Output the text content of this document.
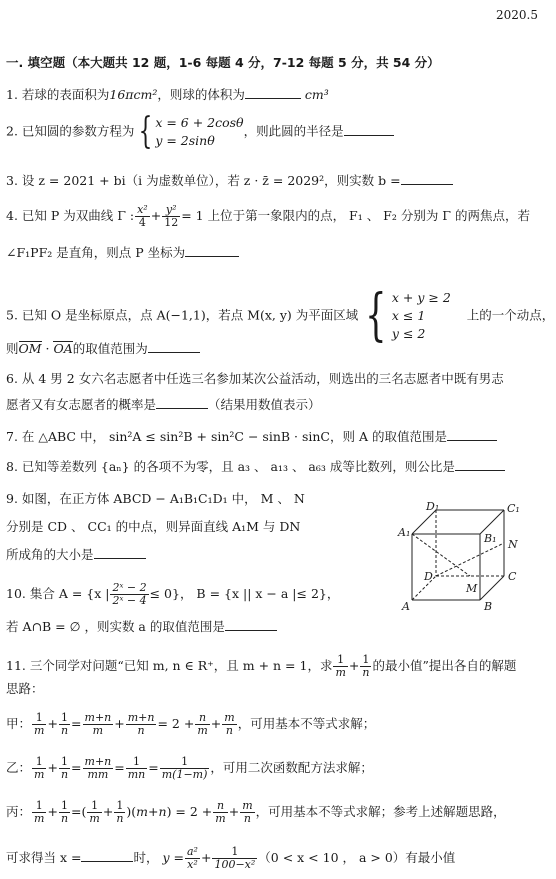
2020.5
一. 填空题（本大题共 12 题，1-6 每题 4 分，7-12 每题 5 分，共 54 分）
1. 若球的表面积为16πcm²，则球的体积为	cm³
2. 已知圆的参数方程为 { x = 6 + 2cosθ
y = 2sinθ
，则此圆的半径是
3. 设 z = 2021 + bi（i 为虚数单位），若 z · z̄ = 2029²，则实数 b =
4. 已知 P 为双曲线 Γ : $\frac{\text{x²}}{4} + \frac{\text{y²}}{12} = 1$ 上位于第一象限内的点， F₁ 、 F₂ 分别为 Γ 的两焦点，若
∠F₁PF₂ 是直角，则点 P 坐标为
5. 已知 O 是坐标原点，点 A(−1,1)，若点 M(x, y) 为平面区域 { x + y ≥ 2
x ≤ 1
y ≤ 2
上的一个动点，
则OM · OA的取值范围为
6. 从 4 男 2 女六名志愿者中任选三名参加某次公益活动，则选出的三名志愿者中既有男志
愿者又有女志愿者的概率是	（结果用数值表示）
7. 在 △ABC 中， sin²A ≤ sin²B + sin²C − sinB · sinC，则 A 的取值范围是
8. 已知等差数列 {aₙ} 的各项不为零，且 a₃ 、 a₁₃ 、 a₆₃ 成等比数列，则公比是
9. 如图，在正方体 ABCD − A₁B₁C₁D₁ 中， M 、 N
分别是 CD 、 CC₁ 的中点，则异面直线 A₁M 与 DN
所成角的大小是
D₁	C₁
A₁	B₁ N
D	C
M
A	B
10. 集合 A = {x | $\frac{\text{2ˣ − 2}}{\text{2ˣ − 4}} \le 0$}， B = {x || x − a |≤ 2}，
若 A∩B = ∅ ，则实数 a 的取值范围是
11. 三个同学对问题“已知 m, n ∈ R⁺，且 m + n = 1，求 $\frac{1}{m} + \frac{1}{n}$ 的最小值”提出各自的解题
思路：
甲： $\frac{1}{m} + \frac{1}{n} = \frac{m+n}{m} + \frac{m+n}{n} = 2 + \frac{n}{m} + \frac{m}{n}$ ，可用基本不等式求解；
乙： $\frac{1}{m} + \frac{1}{n} = \frac{m+n}{mm} = \frac{1}{mn} = \frac{1}{m(1-m)}$ ，可用二次函数配方法求解；
丙： $\frac{1}{m} + \frac{1}{n}$ =( $\frac{1}{m} + \frac{1}{n} )(m+n) = 2 + \frac{n}{m} + \frac{m}{n}$ ，可用基本不等式求解；参考上述解题思路，
可求得当 x =	时， $y = \frac{\text{a²}}{\text{x²}} + \frac{1}{\text{100−x²}} (0 < x < 10$ ， a > 0）有最小值
